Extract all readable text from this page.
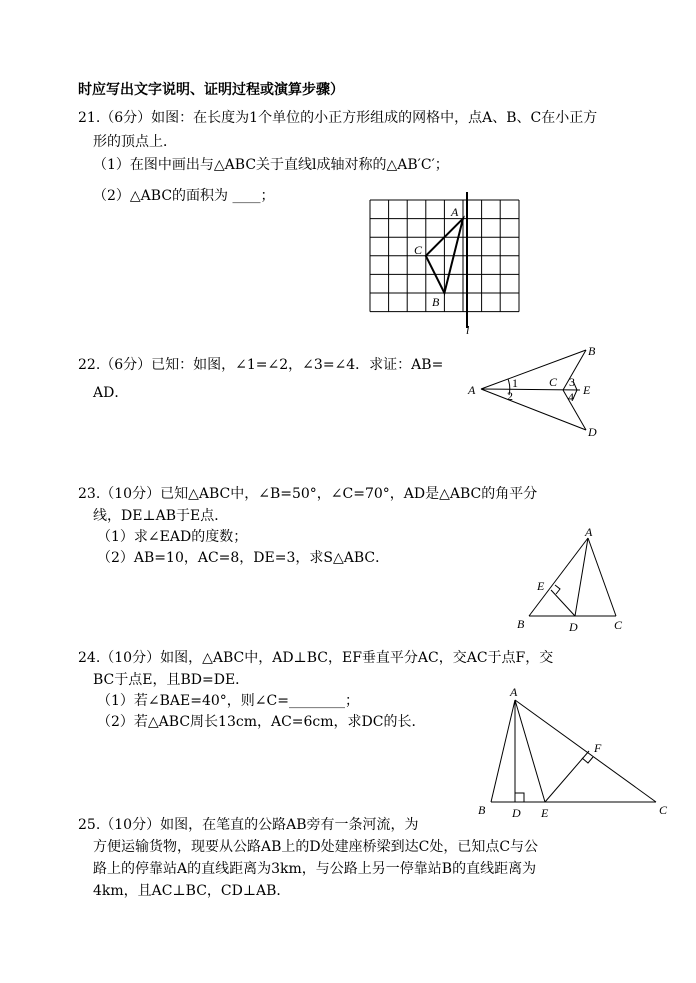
时应写出文字说明、证明过程或演算步骤）
21.（6分）如图：在长度为1个单位的小正方形组成的网格中，点A、B、C在小正方
形的顶点上．
（1）在图中画出与△ABC关于直线l成轴对称的△AB′C′；
（2）△ABC的面积为 ____；
A
C
B
l
22.（6分）已知：如图，∠1=∠2，∠3=∠4．求证：AB=
AD．	A
B
C
E
D
1
2
3
4
23.（10分）已知△ABC中，∠B=50°，∠C=70°，AD是△ABC的角平分
线，DE⊥AB于E点．
（1）求∠EAD的度数；
（2）AB=10，AC=8，DE=3，求S△ABC．
A
E
B	D	C
24.（10分）如图，△ABC中，AD⊥BC，EF垂直平分AC，交AC于点F，交
BC于点E，且BD=DE．
（1）若∠BAE=40°，则∠C=________；
（2）若△ABC周长13cm，AC=6cm，求DC的长．
A
F
B D E	C
25.（10分）如图，在笔直的公路AB旁有一条河流，为
方便运输货物，现要从公路AB上的D处建座桥梁到达C处，已知点C与公
路上的停靠站A的直线距离为3km，与公路上另一停靠站B的直线距离为
4km，且AC⊥BC，CD⊥AB．
